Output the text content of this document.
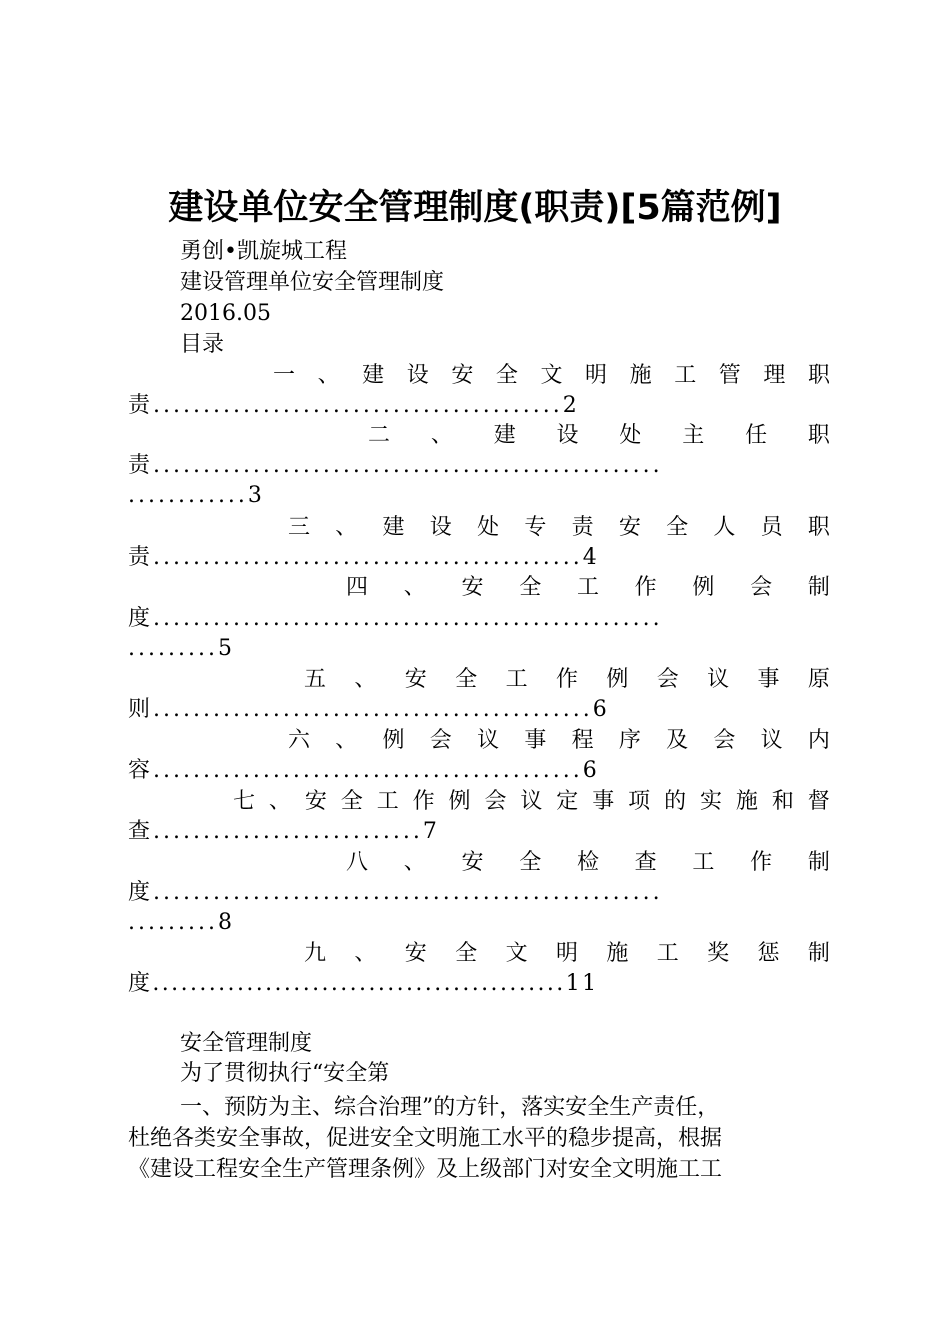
建设单位安全管理制度(职责)[5篇范例]
勇创•凯旋城工程
建设管理单位安全管理制度
2016.05
目录
一 、 建 设 安 全 文 明 施 工 管 理 职
责.........................................2
二 、 建 设 处 主 任 职
责...................................................
............3
三 、 建 设 处 专 责 安 全 人 员 职
责...........................................4
四 、 安 全 工 作 例 会 制
度...................................................
.........5
五 、 安 全 工 作 例 会 议 事 原
则............................................6
六 、 例 会 议 事 程 序 及 会 议 内
容...........................................6
七 、 安 全 工 作 例 会 议 定 事 项 的 实 施 和 督
查...........................7
八 、 安 全 检 查 工 作 制
度...................................................
.........8
九 、 安 全 文 明 施 工 奖 惩 制
度............................................11
安全管理制度
为了贯彻执行“安全第
一、预防为主、综合治理”的方针，落实安全生产责任，
杜绝各类安全事故，促进安全文明施工水平的稳步提高，根据
《建设工程安全生产管理条例》及上级部门对安全文明施工工
